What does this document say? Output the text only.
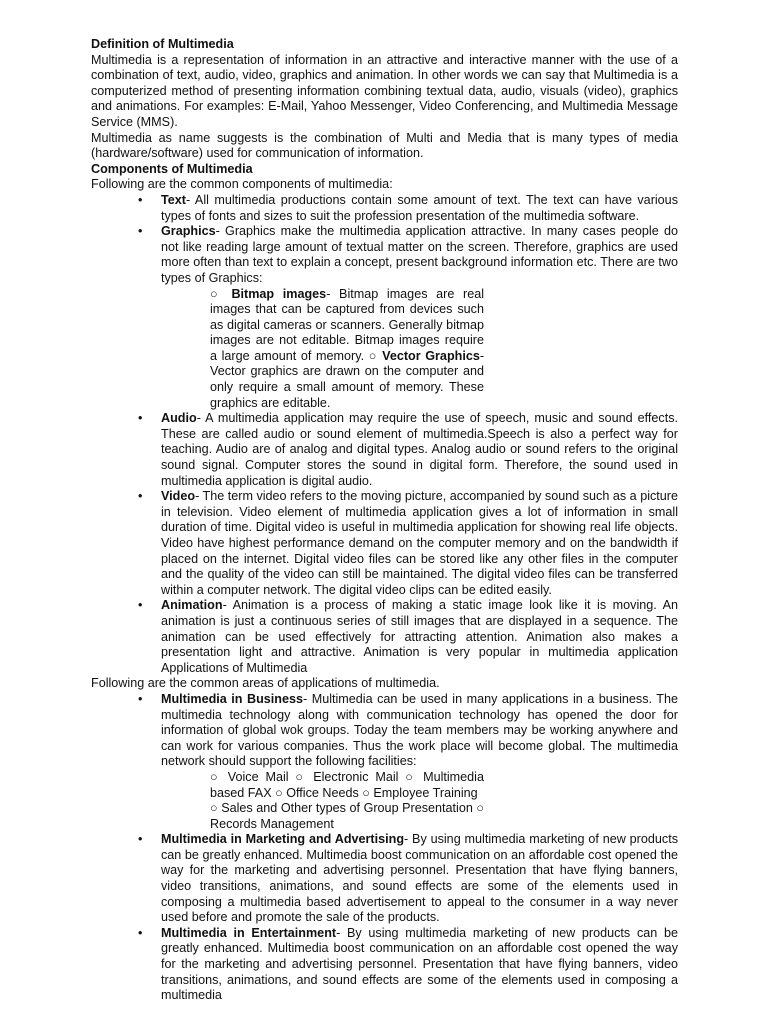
Definition of Multimedia

Multimedia is a representation of information in an attractive and interactive manner with the use of a combination of text, audio, video, graphics and animation. In other words we can say that Multimedia is a computerized method of presenting information combining textual data, audio, visuals (video), graphics and animations. For examples: E-Mail, Yahoo Messenger, Video Conferencing, and Multimedia Message Service (MMS).

Multimedia as name suggests is the combination of Multi and Media that is many types of media (hardware/software) used for communication of information.

Components of Multimedia

Following are the common components of multimedia:

• Text- All multimedia productions contain some amount of text. The text can have various types of fonts and sizes to suit the profession presentation of the multimedia software.
• Graphics- Graphics make the multimedia application attractive. In many cases people do not like reading large amount of textual matter on the screen. Therefore, graphics are used more often than text to explain a concept, present background information etc. There are two types of Graphics:
○ Bitmap images- Bitmap images are real images that can be captured from devices such as digital cameras or scanners. Generally bitmap images are not editable. Bitmap images require a large amount of memory. ○ Vector Graphics- Vector graphics are drawn on the computer and only require a small amount of memory. These graphics are editable.
• Audio- A multimedia application may require the use of speech, music and sound effects. These are called audio or sound element of multimedia.Speech is also a perfect way for teaching. Audio are of analog and digital types. Analog audio or sound refers to the original sound signal. Computer stores the sound in digital form. Therefore, the sound used in multimedia application is digital audio.
• Video- The term video refers to the moving picture, accompanied by sound such as a picture in television. Video element of multimedia application gives a lot of information in small duration of time. Digital video is useful in multimedia application for showing real life objects. Video have highest performance demand on the computer memory and on the bandwidth if placed on the internet. Digital video files can be stored like any other files in the computer and the quality of the video can still be maintained. The digital video files can be transferred within a computer network. The digital video clips can be edited easily.
• Animation- Animation is a process of making a static image look like it is moving. An animation is just a continuous series of still images that are displayed in a sequence. The animation can be used effectively for attracting attention. Animation also makes a presentation light and attractive. Animation is very popular in multimedia application Applications of Multimedia

Following are the common areas of applications of multimedia.

• Multimedia in Business- Multimedia can be used in many applications in a business. The multimedia technology along with communication technology has opened the door for information of global wok groups. Today the team members may be working anywhere and can work for various companies. Thus the work place will become global. The multimedia network should support the following facilities:
○ Voice Mail ○ Electronic Mail ○ Multimedia based FAX ○ Office Needs ○ Employee Training
○ Sales and Other types of Group Presentation ○ Records Management
• Multimedia in Marketing and Advertising- By using multimedia marketing of new products can be greatly enhanced. Multimedia boost communication on an affordable cost opened the way for the marketing and advertising personnel. Presentation that have flying banners, video transitions, animations, and sound effects are some of the elements used in composing a multimedia based advertisement to appeal to the consumer in a way never used before and promote the sale of the products.
• Multimedia in Entertainment- By using multimedia marketing of new products can be greatly enhanced. Multimedia boost communication on an affordable cost opened the way for the marketing and advertising personnel. Presentation that have flying banners, video transitions, animations, and sound effects are some of the elements used in composing a multimedia
